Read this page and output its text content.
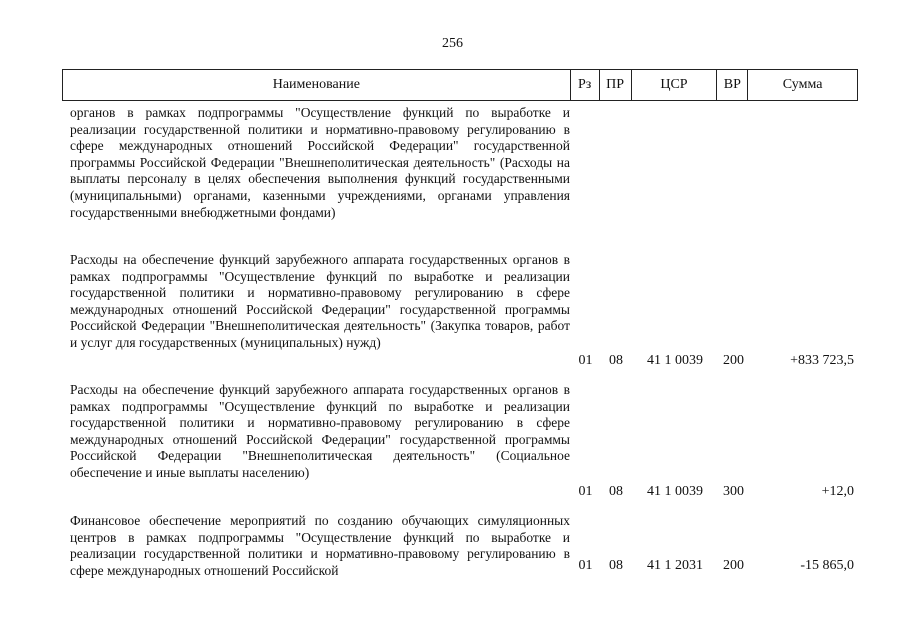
256
Наименование	Рз	ПР	ЦСР	ВР	Сумма
органов в рамках подпрограммы "Осуществление функций по выработке и реализации государственной политики и нормативно-правовому регулированию в сфере международных отношений Российской Федерации" государственной программы Российской Федерации "Внешнеполитическая деятельность" (Расходы на выплаты персоналу в целях обеспечения выполнения функций государственными (муниципальными) органами, казенными учреждениями, органами управления государственными внебюджетными фондами)
Расходы на обеспечение функций зарубежного аппарата государственных органов в рамках подпрограммы "Осуществление функций по выработке и реализации государственной политики и нормативно-правовому регулированию в сфере международных отношений Российской Федерации" государственной программы Российской Федерации "Внешнеполитическая деятельность" (Закупка товаров, работ и услуг для государственных (муниципальных) нужд)
01	08	41 1 0039	200	+833 723,5
Расходы на обеспечение функций зарубежного аппарата государственных органов в рамках подпрограммы "Осуществление функций по выработке и реализации государственной политики и нормативно-правовому регулированию в сфере международных отношений Российской Федерации" государственной программы Российской Федерации "Внешнеполитическая деятельность" (Социальное обеспечение и иные выплаты населению)
01	08	41 1 0039	300	+12,0
Финансовое обеспечение мероприятий по созданию обучающих симуляционных центров в рамках подпрограммы "Осуществление функций по выработке и реализации государственной политики и нормативно-правовому регулированию в сфере международных отношений Российской	01	08	41 1 2031	200	-15 865,0
